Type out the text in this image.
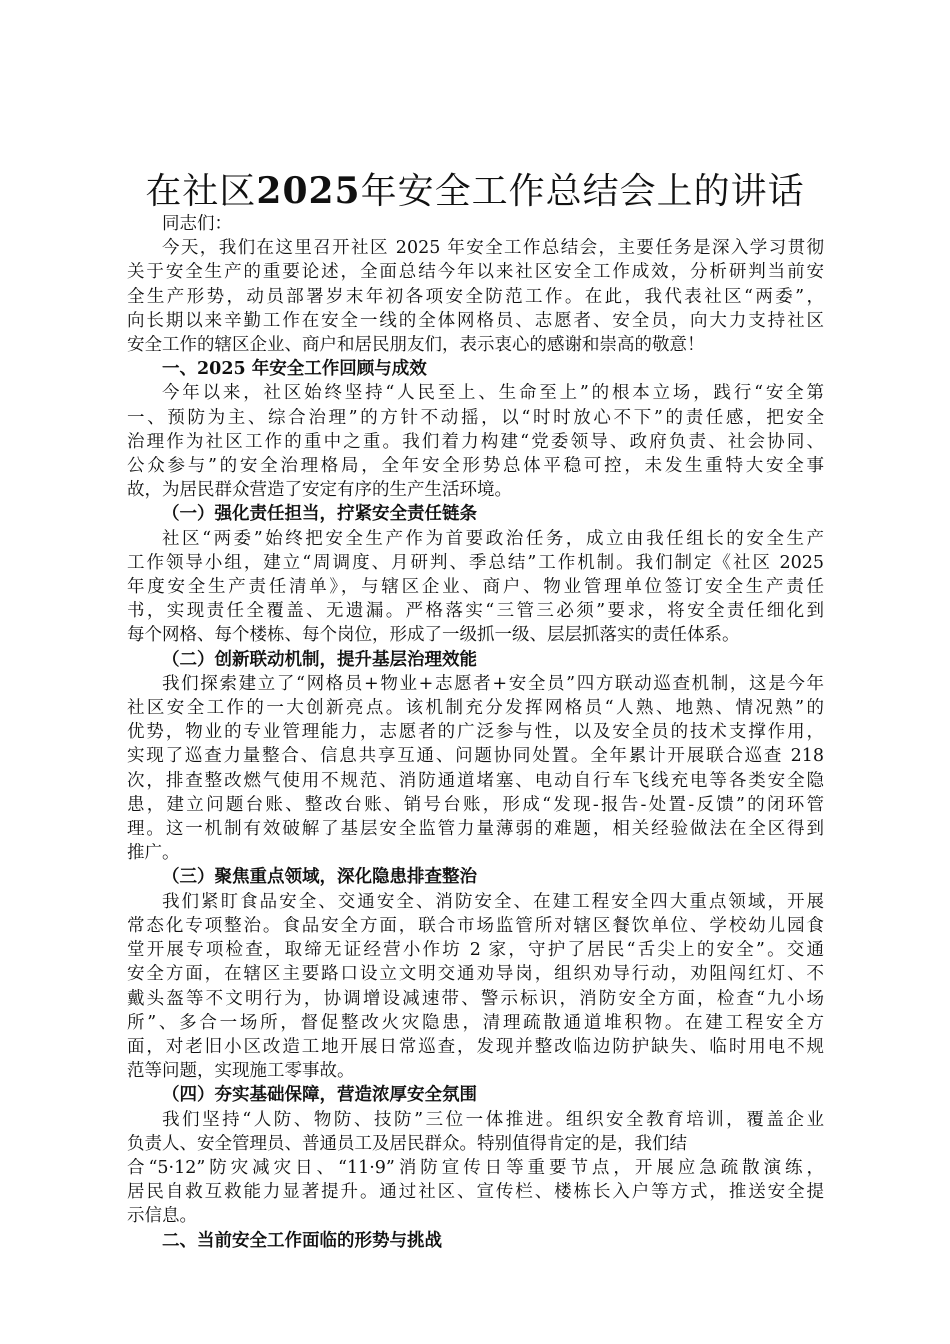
在社区2025年安全工作总结会上的讲话
同志们：
今天，我们在这里召开社区 2025 年安全工作总结会，主要任务是深入学习贯彻
关于安全生产的重要论述，全面总结今年以来社区安全工作成效，分析研判当前安
全生产形势，动员部署岁末年初各项安全防范工作。在此，我代表社区“两委”，
向长期以来辛勤工作在安全一线的全体网格员、志愿者、安全员，向大力支持社区
安全工作的辖区企业、商户和居民朋友们，表示衷心的感谢和崇高的敬意！
一、2025 年安全工作回顾与成效
今年以来，社区始终坚持“人民至上、生命至上”的根本立场，践行“安全第
一、预防为主、综合治理”的方针不动摇，以“时时放心不下”的责任感，把安全
治理作为社区工作的重中之重。我们着力构建“党委领导、政府负责、社会协同、
公众参与”的安全治理格局，全年安全形势总体平稳可控，未发生重特大安全事
故，为居民群众营造了安定有序的生产生活环境。
（一）强化责任担当，拧紧安全责任链条
社区“两委”始终把安全生产作为首要政治任务，成立由我任组长的安全生产
工作领导小组，建立“周调度、月研判、季总结”工作机制。我们制定《社区 2025
年度安全生产责任清单》，与辖区企业、商户、物业管理单位签订安全生产责任
书，实现责任全覆盖、无遗漏。严格落实“三管三必须”要求，将安全责任细化到
每个网格、每个楼栋、每个岗位，形成了一级抓一级、层层抓落实的责任体系。
（二）创新联动机制，提升基层治理效能
我们探索建立了“网格员+物业+志愿者+安全员”四方联动巡查机制，这是今年
社区安全工作的一大创新亮点。该机制充分发挥网格员“人熟、地熟、情况熟”的
优势，物业的专业管理能力，志愿者的广泛参与性，以及安全员的技术支撑作用，
实现了巡查力量整合、信息共享互通、问题协同处置。全年累计开展联合巡查 218
次，排查整改燃气使用不规范、消防通道堵塞、电动自行车飞线充电等各类安全隐
患，建立问题台账、整改台账、销号台账，形成“发现-报告-处置-反馈”的闭环管
理。这一机制有效破解了基层安全监管力量薄弱的难题，相关经验做法在全区得到
推广。
（三）聚焦重点领域，深化隐患排查整治
我们紧盯食品安全、交通安全、消防安全、在建工程安全四大重点领域，开展
常态化专项整治。食品安全方面，联合市场监管所对辖区餐饮单位、学校幼儿园食
堂开展专项检查，取缔无证经营小作坊 2 家，守护了居民“舌尖上的安全”。交通
安全方面，在辖区主要路口设立文明交通劝导岗，组织劝导行动，劝阻闯红灯、不
戴头盔等不文明行为，协调增设减速带、警示标识，消防安全方面，检查“九小场
所”、多合一场所，督促整改火灾隐患，清理疏散通道堆积物。在建工程安全方
面，对老旧小区改造工地开展日常巡查，发现并整改临边防护缺失、临时用电不规
范等问题，实现施工零事故。
（四）夯实基础保障，营造浓厚安全氛围
我们坚持“人防、物防、技防”三位一体推进。组织安全教育培训，覆盖企业
负责人、安全管理员、普通员工及居民群众。特别值得肯定的是，我们结
合“5·12”防灾减灾日、“11·9”消防宣传日等重要节点，开展应急疏散演练，
居民自救互救能力显著提升。通过社区、宣传栏、楼栋长入户等方式，推送安全提
示信息。
二、当前安全工作面临的形势与挑战
